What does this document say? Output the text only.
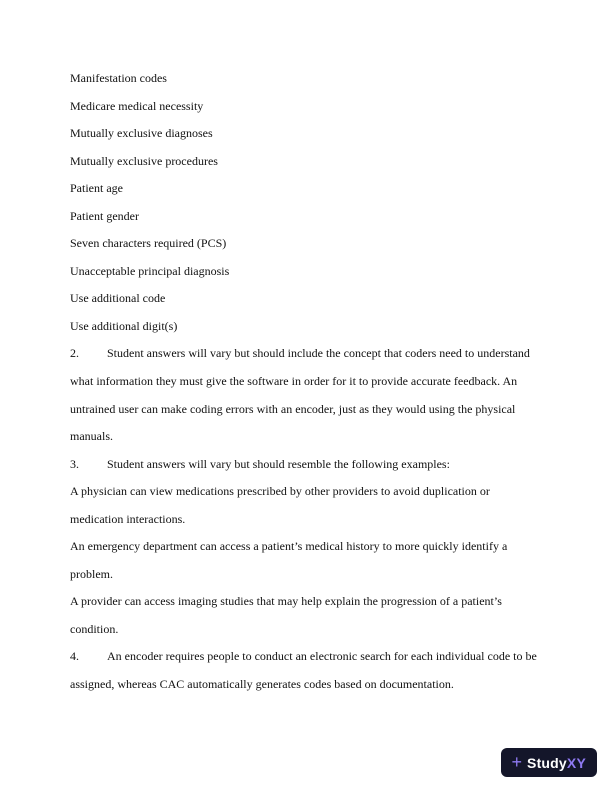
Manifestation codes
Medicare medical necessity
Mutually exclusive diagnoses
Mutually exclusive procedures
Patient age
Patient gender
Seven characters required (PCS)
Unacceptable principal diagnosis
Use additional code
Use additional digit(s)
2. Student answers will vary but should include the concept that coders need to understand
what information they must give the software in order for it to provide accurate feedback. An
untrained user can make coding errors with an encoder, just as they would using the physical
manuals.
3. Student answers will vary but should resemble the following examples:
A physician can view medications prescribed by other providers to avoid duplication or
medication interactions.
An emergency department can access a patient’s medical history to more quickly identify a
problem.
A provider can access imaging studies that may help explain the progression of a patient’s
condition.
4. An encoder requires people to conduct an electronic search for each individual code to be
assigned, whereas CAC automatically generates codes based on documentation.
+ StudyXY
